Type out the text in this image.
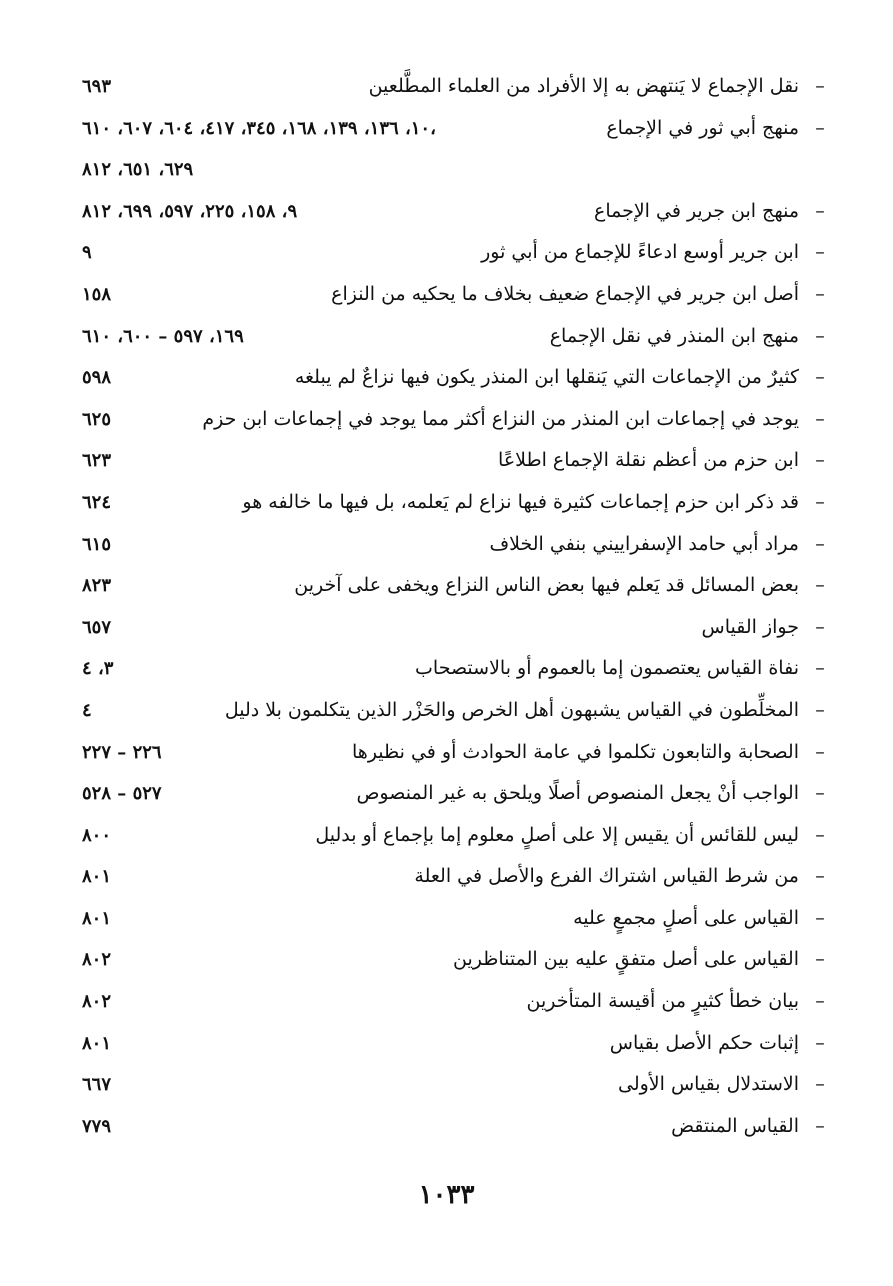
–
نقل الإجماع لا يَنتهض به إلا الأفراد من العلماء المطَّلعين
٦٩٣
–
منهج أبي ثور في الإجماع
١٠، ١٣٦، ١٣٩، ١٦٨، ٣٤٥، ٤١٧، ٦٠٤، ٦٠٧، ٦١٠،
٦٢٩، ٦٥١، ٨١٢
–
منهج ابن جرير في الإجماع
٩، ١٥٨، ٢٢٥، ٥٩٧، ٦٩٩، ٨١٢
–
ابن جرير أوسع ادعاءً للإجماع من أبي ثور
٩
–
أصل ابن جرير في الإجماع ضعيف بخلاف ما يحكيه من النزاع
١٥٨
–
منهج ابن المنذر في نقل الإجماع
١٦٩، ٥٩٧ – ٦٠٠، ٦١٠
–
كثيرٌ من الإجماعات التي يَنقلها ابن المنذر يكون فيها نزاعٌ لم يبلغه
٥٩٨
–
يوجد في إجماعات ابن المنذر من النزاع أكثر مما يوجد في إجماعات ابن حزم
٦٢٥
–
ابن حزم من أعظم نقلة الإجماع اطلاعًا
٦٢٣
–
قد ذكر ابن حزم إجماعات كثيرة فيها نزاع لم يَعلمه، بل فيها ما خالفه هو
٦٢٤
–
مراد أبي حامد الإسفراييني بنفي الخلاف
٦١٥
–
بعض المسائل قد يَعلم فيها بعض الناس النزاع ويخفى على آخرين
٨٢٣
–
جواز القياس
٦٥٧
–
نفاة القياس يعتصمون إما بالعموم أو بالاستصحاب
٣، ٤
–
المخلِّطون في القياس يشبهون أهل الخرص والحَزْر الذين يتكلمون بلا دليل
٤
–
الصحابة والتابعون تكلموا في عامة الحوادث أو في نظيرها
٢٢٦ – ٢٢٧
–
الواجب أنْ يجعل المنصوص أصلًا ويلحق به غير المنصوص
٥٢٧ – ٥٢٨
–
ليس للقائس أن يقيس إلا على أصلٍ معلوم إما بإجماع أو بدليل
٨٠٠
–
من شرط القياس اشتراك الفرع والأصل في العلة
٨٠١
–
القياس على أصلٍ مجمعٍ عليه
٨٠١
–
القياس على أصل متفقٍ عليه بين المتناظرين
٨٠٢
–
بيان خطأ كثيرٍ من أقيسة المتأخرين
٨٠٢
–
إثبات حكم الأصل بقياس
٨٠١
–
الاستدلال بقياس الأولى
٦٦٧
–
القياس المنتقض
٧٧٩
١٠٣٣
